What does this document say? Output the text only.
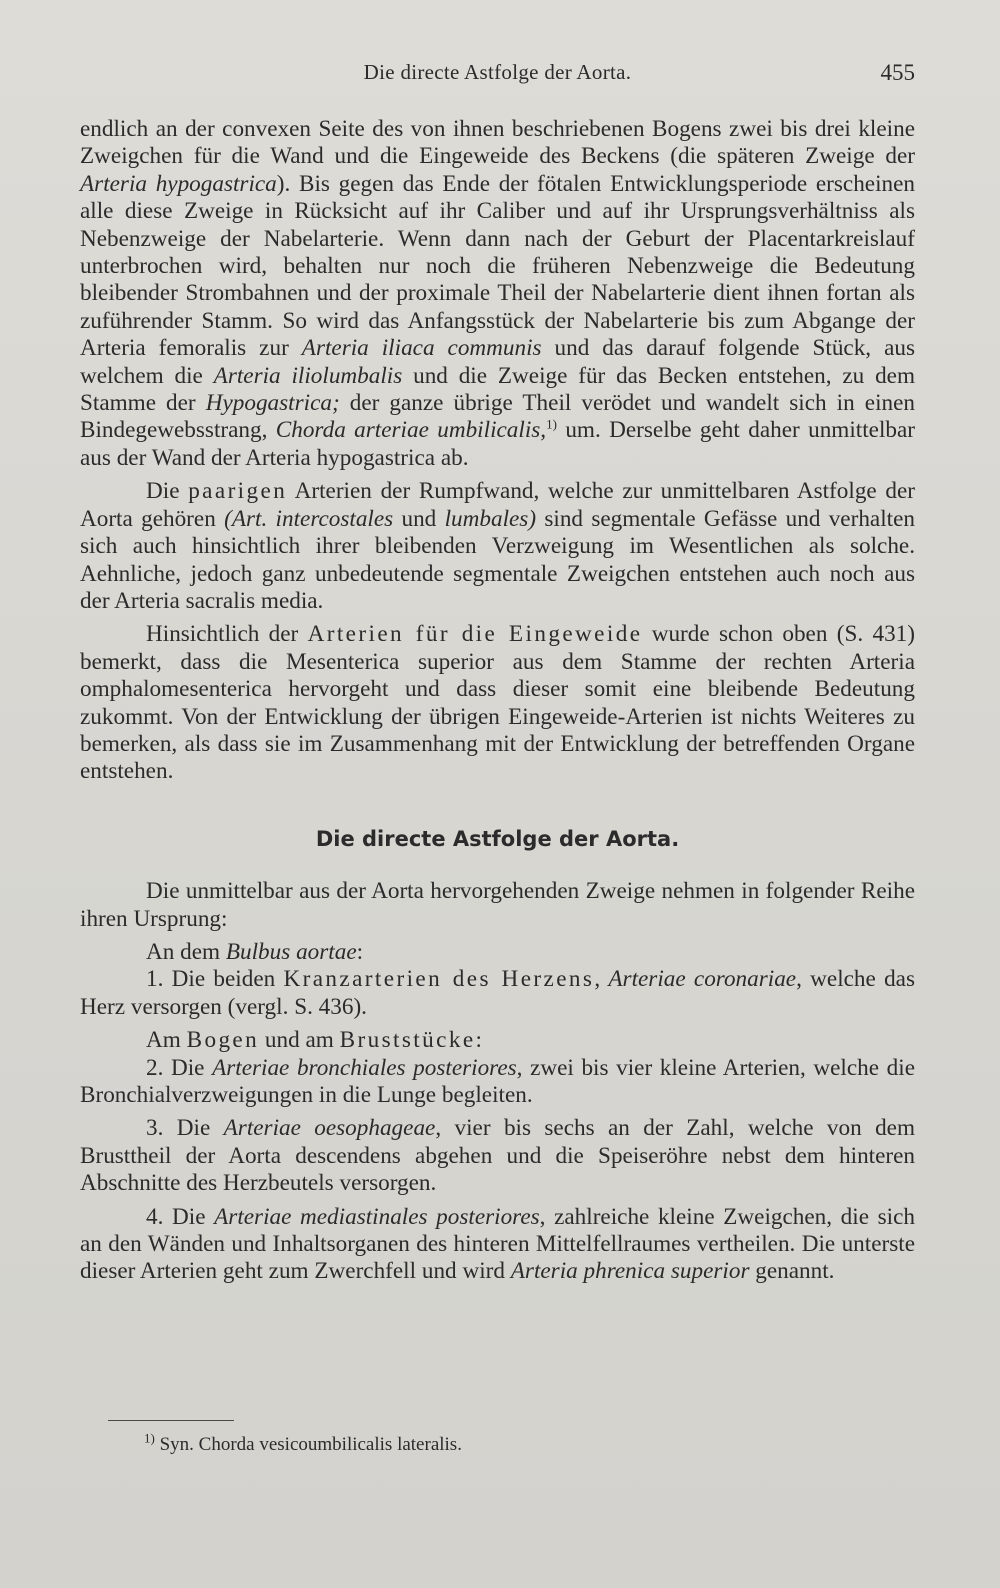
Die directe Astfolge der Aorta.	455

endlich an der convexen Seite des von ihnen beschriebenen Bogens zwei bis drei kleine Zweigchen für die Wand und die Eingeweide des Beckens (die späteren Zweige der Arteria hypogastrica). Bis gegen das Ende der fötalen Entwicklungsperiode erscheinen alle diese Zweige in Rücksicht auf ihr Caliber und auf ihr Ursprungsverhältniss als Nebenzweige der Nabelarterie. Wenn dann nach der Geburt der Placentarkreislauf unterbrochen wird, behalten nur noch die früheren Nebenzweige die Bedeutung bleibender Strombahnen und der proximale Theil der Nabelarterie dient ihnen fortan als zuführender Stamm. So wird das Anfangsstück der Nabelarterie bis zum Abgange der Arteria femoralis zur Arteria iliaca communis und das darauf folgende Stück, aus welchem die Arteria iliolumbalis und die Zweige für das Becken entstehen, zu dem Stamme der Hypogastrica; der ganze übrige Theil verödet und wandelt sich in einen Bindegewebsstrang, Chorda arteriae umbilicalis,$^{1)}$ um. Derselbe geht daher unmittelbar aus der Wand der Arteria hypogastrica ab.

Die paarigen Arterien der Rumpfwand, welche zur unmittelbaren Astfolge der Aorta gehören (Art. intercostales und lumbales) sind segmentale Gefässe und verhalten sich auch hinsichtlich ihrer bleibenden Verzweigung im Wesentlichen als solche. Aehnliche, jedoch ganz unbedeutende segmentale Zweigchen entstehen auch noch aus der Arteria sacralis media.

Hinsichtlich der Arterien für die Eingeweide wurde schon oben (S. 431) bemerkt, dass die Mesenterica superior aus dem Stamme der rechten Arteria omphalomesenterica hervorgeht und dass dieser somit eine bleibende Bedeutung zukommt. Von der Entwicklung der übrigen Eingeweide-Arterien ist nichts Weiteres zu bemerken, als dass sie im Zusammenhang mit der Entwicklung der betreffenden Organe entstehen.

Die directe Astfolge der Aorta.

Die unmittelbar aus der Aorta hervorgehenden Zweige nehmen in folgender Reihe ihren Ursprung:

An dem Bulbus aortae:

1. Die beiden Kranzarterien des Herzens, Arteriae coronariae, welche das Herz versorgen (vergl. S. 436).

Am Bogen und am Bruststücke:

2. Die Arteriae bronchiales posteriores, zwei bis vier kleine Arterien, welche die Bronchialverzweigungen in die Lunge begleiten.

3. Die Arteriae oesophageae, vier bis sechs an der Zahl, welche von dem Brusttheil der Aorta descendens abgehen und die Speiseröhre nebst dem hinteren Abschnitte des Herzbeutels versorgen.

4. Die Arteriae mediastinales posteriores, zahlreiche kleine Zweigchen, die sich an den Wänden und Inhaltsorganen des hinteren Mittelfellraumes vertheilen. Die unterste dieser Arterien geht zum Zwerchfell und wird Arteria phrenica superior genannt.

$^{1)}$ Syn. Chorda vesicoumbilicalis lateralis.
